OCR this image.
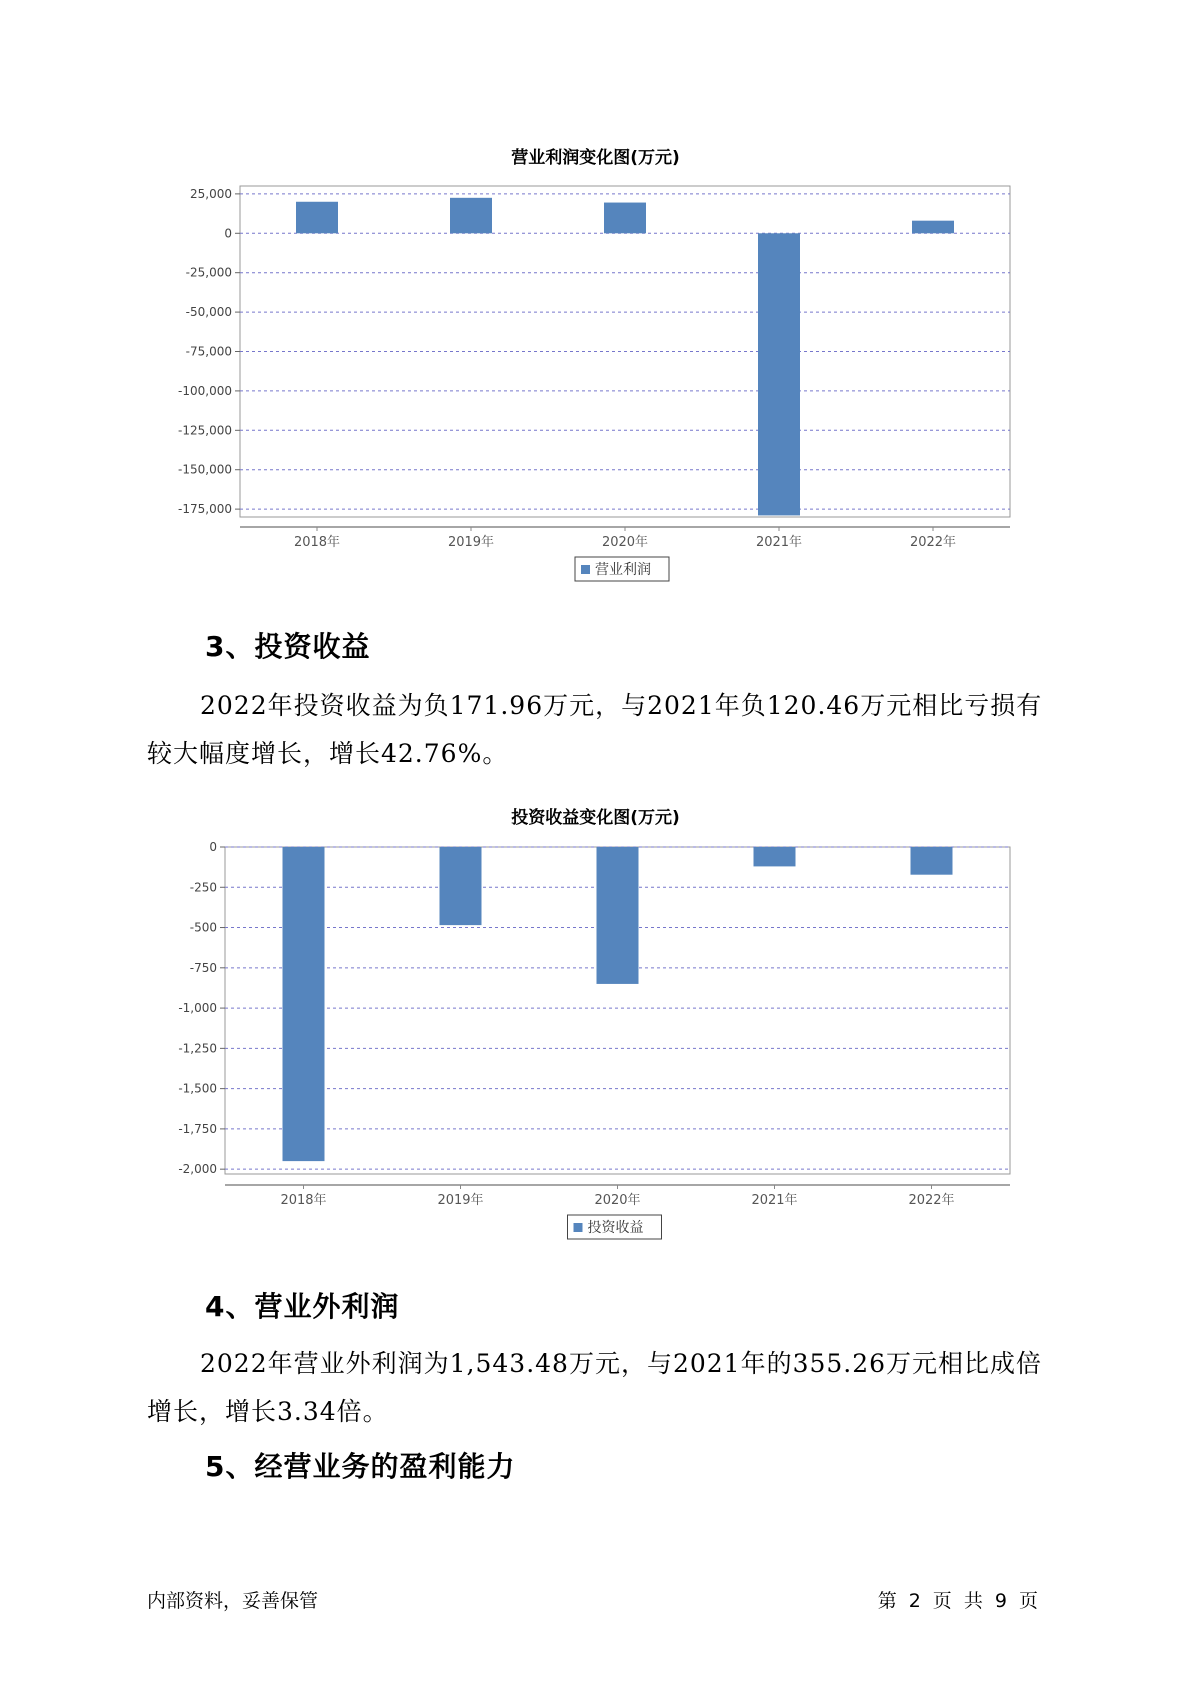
营业利润变化图(万元)
25,000
0
-25,000
-50,000
-75,000
-100,000
-125,000
-150,000
-175,000
2018年	2019年	2020年	2021年	2022年
营业利润
3、投资收益
2022年投资收益为负171.96万元，与2021年负120.46万元相比亏损有较大幅度增长，增长42.76%。
投资收益变化图(万元)
0
-250
-500
-750
-1,000
-1,250
-1,500
-1,750
-2,000
2018年	2019年	2020年	2021年	2022年
投资收益
4、营业外利润
2022年营业外利润为1,543.48万元，与2021年的355.26万元相比成倍增长，增长3.34倍。
5、经营业务的盈利能力
内部资料，妥善保管	第 2 页  共 9 页
